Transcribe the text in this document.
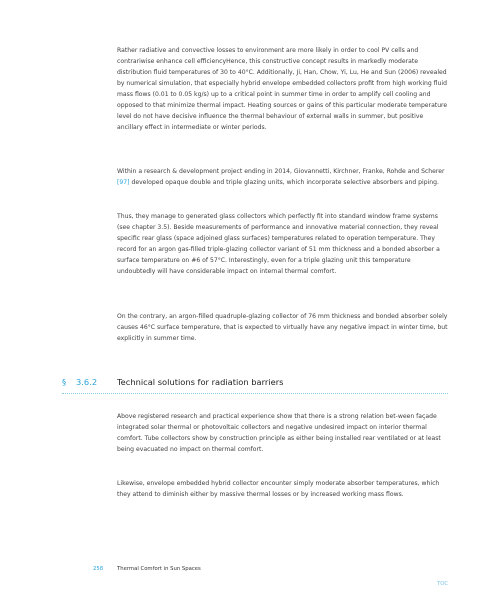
Rather radiative and convective losses to environment are more likely in order to cool PV cells and contrariwise enhance cell efficiencyHence, this constructive concept results in markedly moderate distribution fluid temperatures of 30 to 40°C. Additionally, Ji, Han, Chow, Yi, Lu, He and Sun (2006) revealed by numerical simulation, that especially hybrid envelope embedded collectors profit from high working fluid mass flows (0.01 to 0.05 kg/s) up to a critical point in summer time in order to amplify cell cooling and opposed to that minimize thermal impact. Heating sources or gains of this particular moderate temperature level do not have decisive influence the thermal behaviour of external walls in summer, but positive ancillary effect in intermediate or winter periods.

Within a research & development project ending in 2014, Giovannetti, Kirchner, Franke, Rohde and Scherer [97] developed opaque double and triple glazing units, which incorporate selective absorbers and piping.

Thus, they manage to generated glass collectors which perfectly fit into standard window frame systems (see chapter 3.5). Beside measurements of performance and innovative material connection, they reveal specific rear glass (space adjoined glass surfaces) temperatures related to operation temperature. They record for an argon gas-filled triple-glazing collector variant of 51 mm thickness and a bonded absorber a surface temperature on #6 of 57°C. Interestingly, even for a triple glazing unit this temperature undoubtedly will have considerable impact on internal thermal comfort.

On the contrary, an argon-filled quadruple-glazing collector of 76 mm thickness and bonded absorber solely causes 46°C surface temperature, that is expected to virtually have any negative impact in winter time, but explicitly in summer time.

§ 3.6.2 Technical solutions for radiation barriers

Above registered research and practical experience show that there is a strong relation bet-ween façade integrated solar thermal or photovoltaic collectors and negative undesired impact on interior thermal comfort. Tube collectors show by construction principle as either being installed rear ventilated or at least being evacuated no impact on thermal comfort.

Likewise, envelope embedded hybrid collector encounter simply moderate absorber temperatures, which they attend to diminish either by massive thermal losses or by increased working mass flows.

258	Thermal Comfort in Sun Spaces
TOC
